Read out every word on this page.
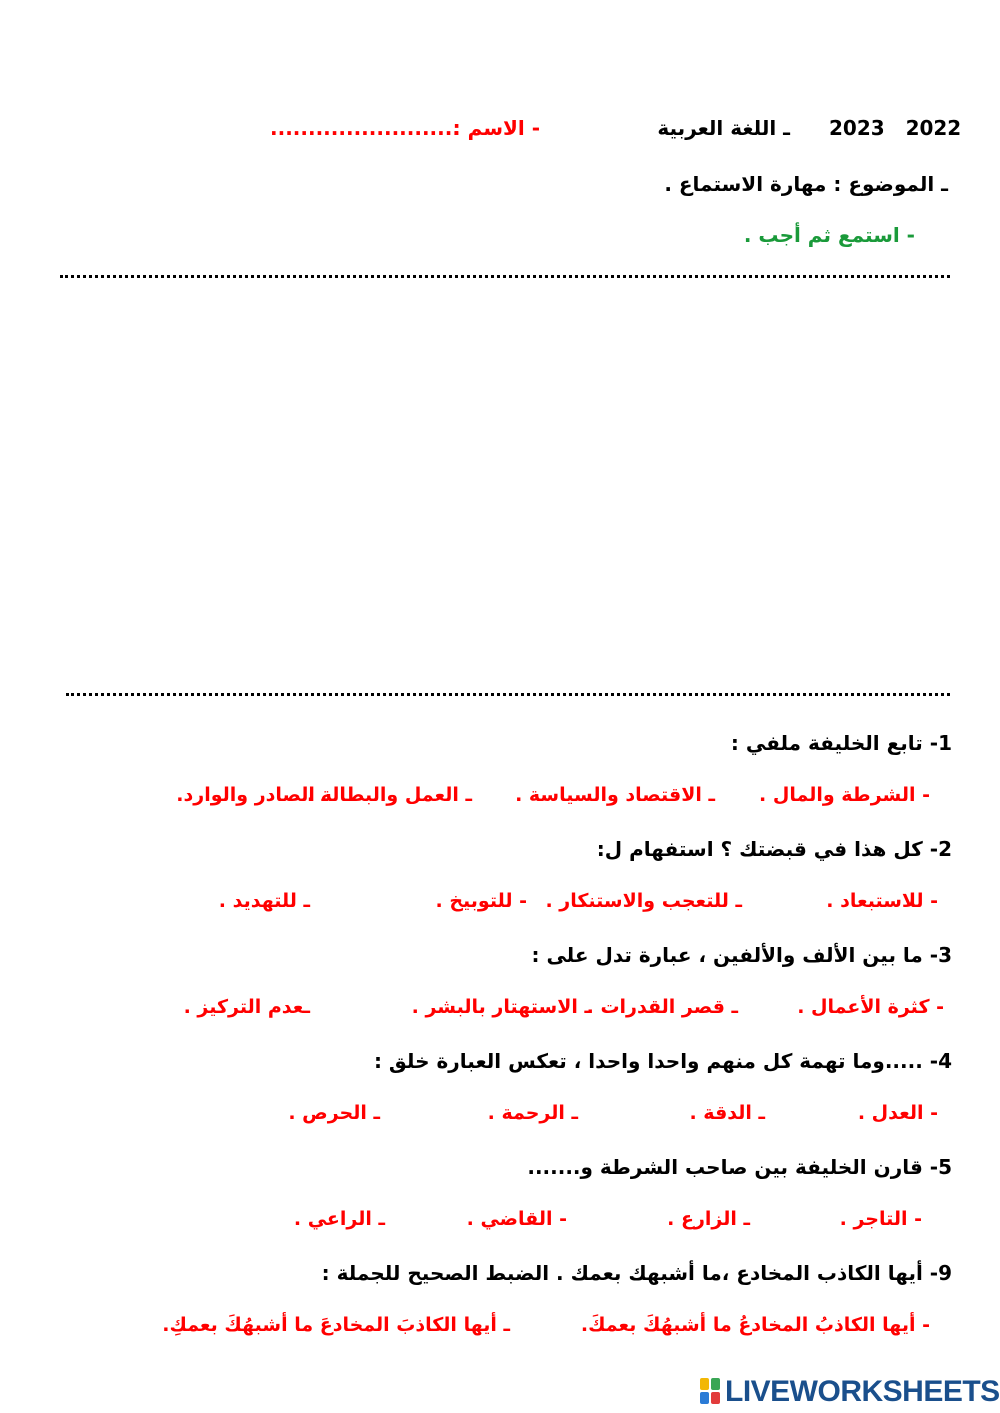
2023 2022
ـ اللغة العربية
- الاسم :
.........................
ـ الموضوع : مهارة الاستماع .
- استمع ثم أجب .
1- تابع الخليفة ملفي :
- الشرطة والمال .
ـ الاقتصاد والسياسة .
ـ العمل والبطالة .
ـ الصادر والوارد.
2- كل هذا في قبضتك ؟ استفهام ل:
- للاستبعاد .
ـ للتعجب والاستنكار .
- للتوبيخ .
ـ للتهديد .
3- ما بين الألف والألفين ، عبارة تدل على :
- كثرة الأعمال .
ـ قصر القدرات .
ـ الاستهتار بالبشر .
ـعدم التركيز .
4- .....وما تهمة كل منهم واحدا واحدا ، تعكس العبارة خلق :
- العدل .
ـ الدقة .
ـ الرحمة .
ـ الحرص .
5- قارن الخليفة بين صاحب الشرطة و.......
- التاجر .
ـ الزارع .
- القاضي .
ـ الراعي .
9- أيها الكاذب المخادع ،ما أشبهك بعمك . الضبط الصحيح للجملة :
- أيها الكاذبُ المخادعُ ما أشبهُكَ بعمكَ.
ـ أيها الكاذبَ المخادعَ ما أشبهُكَ بعمكِ.
LIVEWORKSHEETS
